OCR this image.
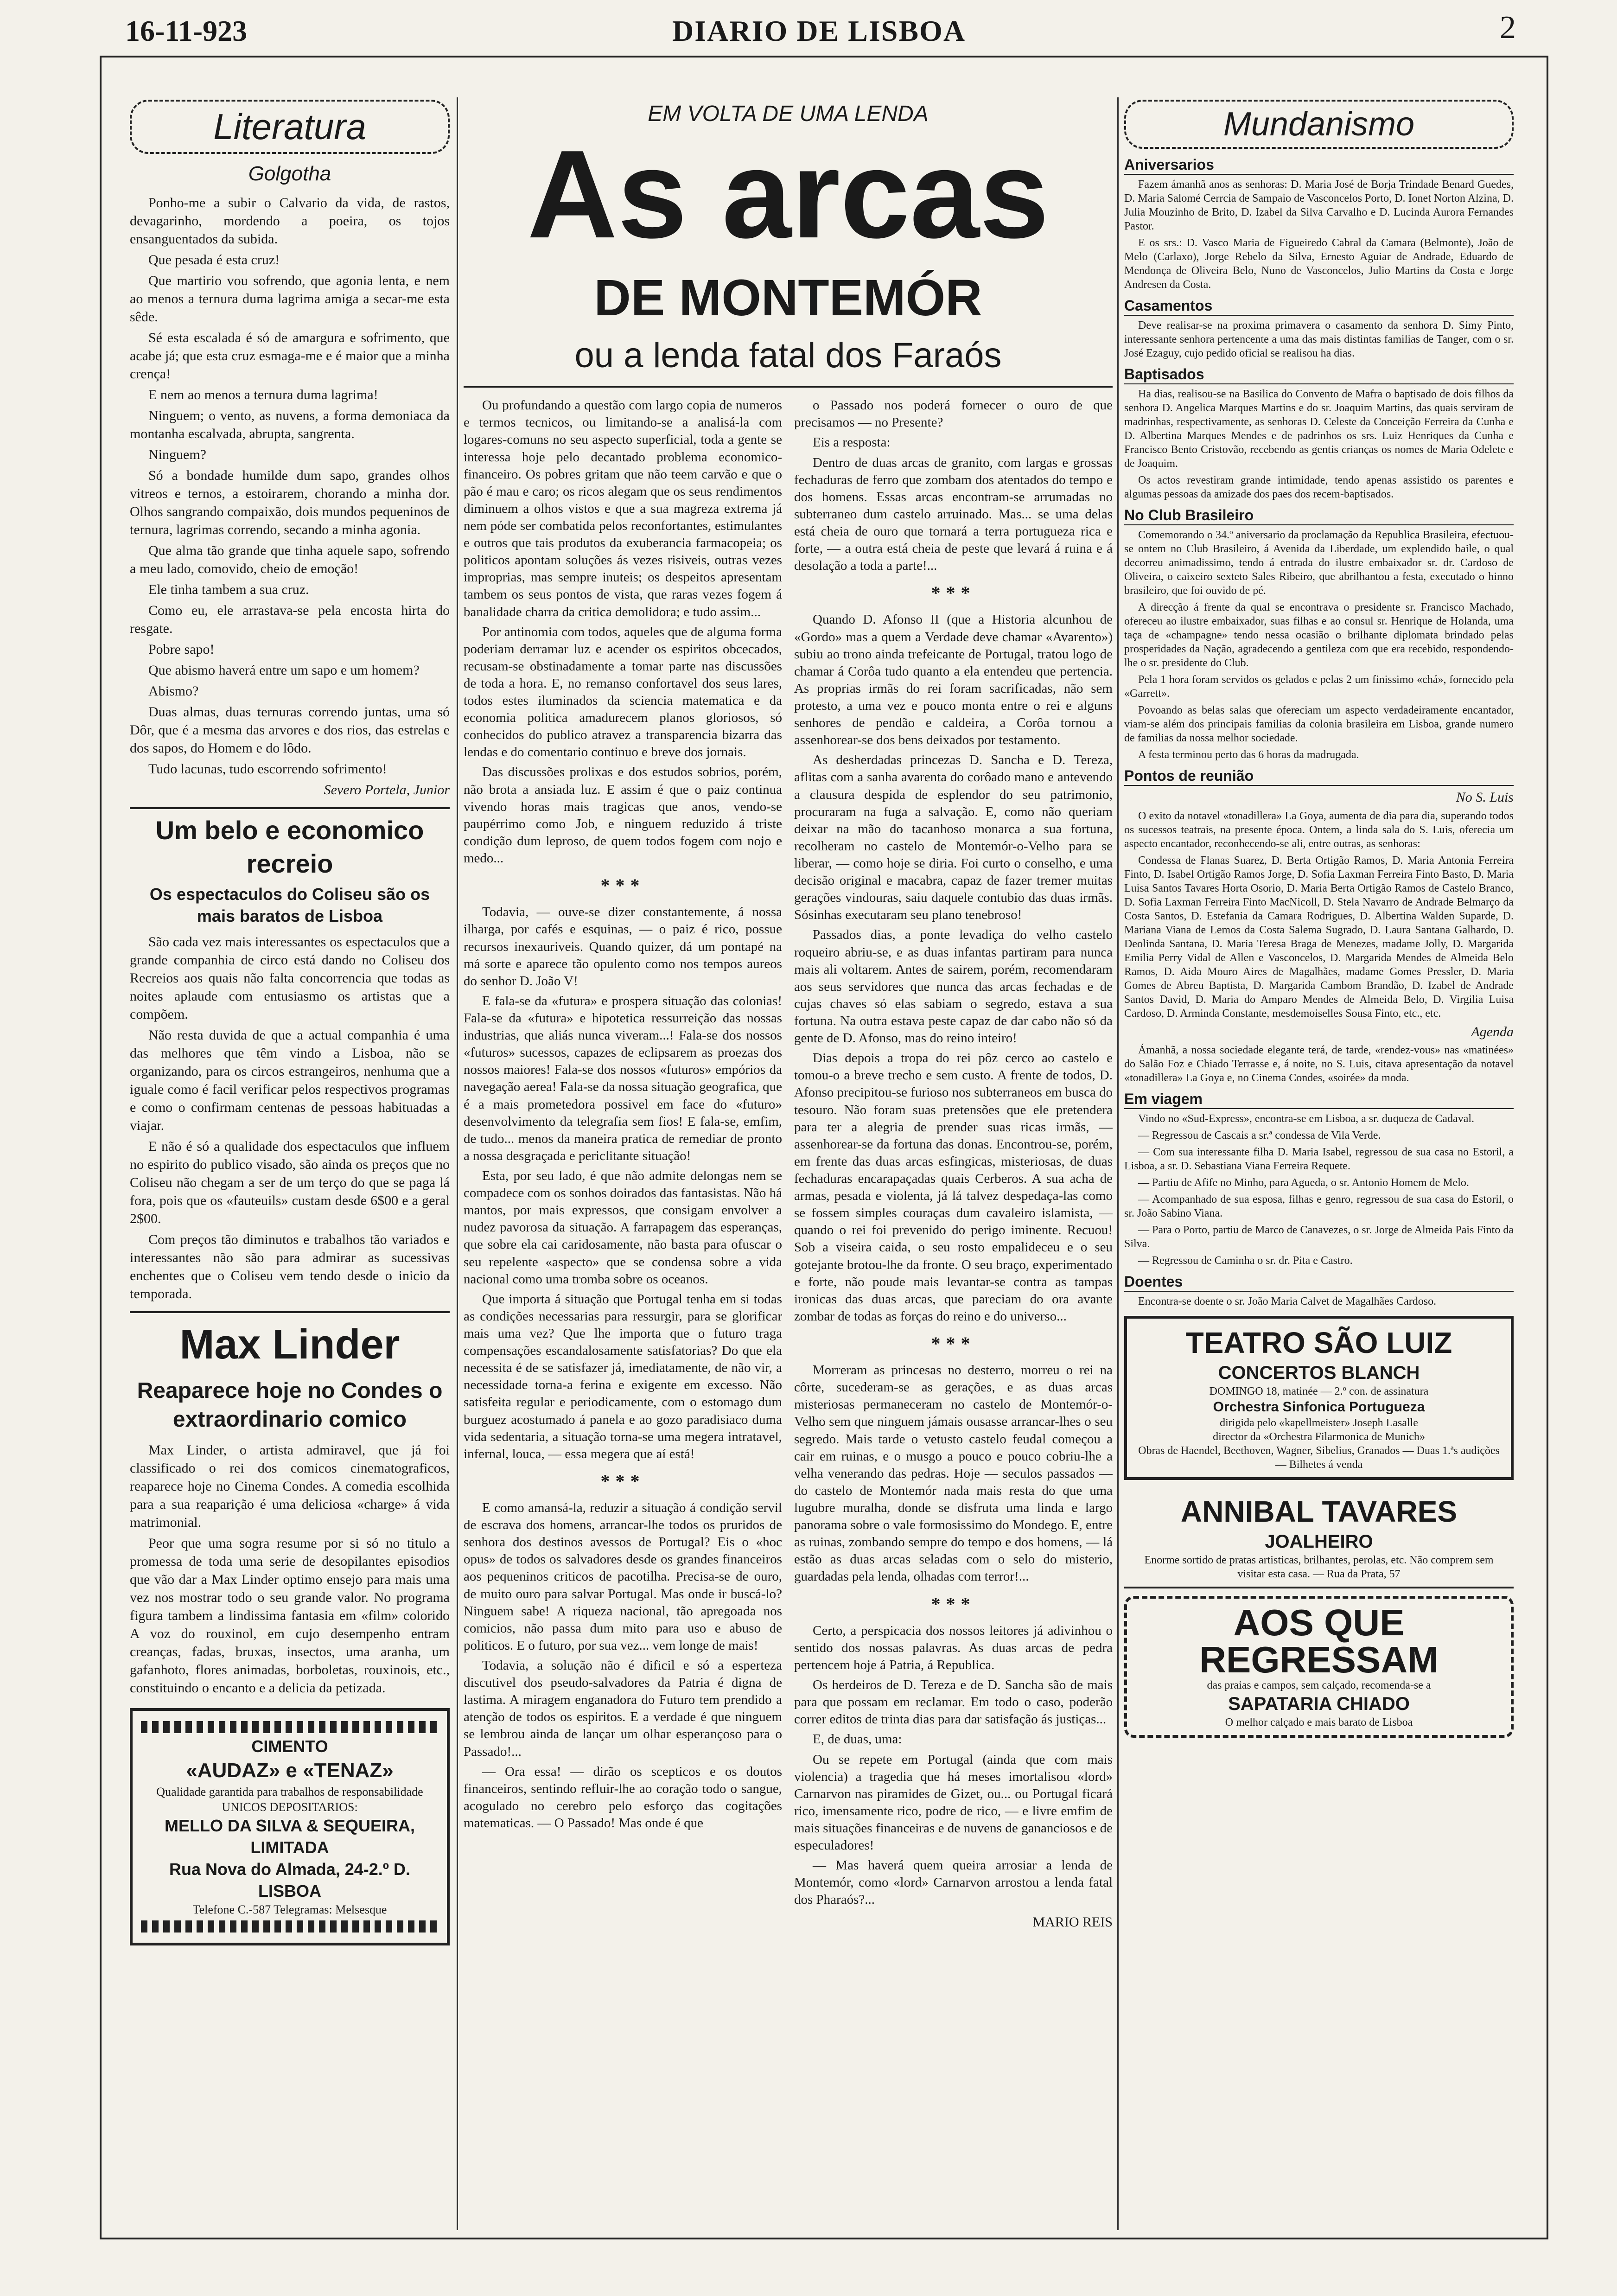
16-11-923	DIARIO DE LISBOA	2
Literatura
Golgotha

Ponho-me a subir o Calvario da vida, de rastos, devagarinho, mordendo a poeira, os tojos ensanguentados da subida.

Que pesada é esta cruz!

Que martirio vou sofrendo, que agonia lenta, e nem ao menos a ternura duma lagrima amiga a secar-me esta sêde.

Sé esta escalada é só de amargura e sofrimento, que acabe já; que esta cruz esmaga-me e é maior que a minha crença!

E nem ao menos a ternura duma lagrima!

Ninguem; o vento, as nuvens, a forma demoniaca da montanha escalvada, abrupta, sangrenta.

Ninguem?

Só a bondade humilde dum sapo, grandes olhos vitreos e ternos, a estoirarem, chorando a minha dor. Olhos sangrando compaixão, dois mundos pequeninos de ternura, lagrimas correndo, secando a minha agonia.

Que alma tão grande que tinha aquele sapo, sofrendo a meu lado, comovido, cheio de emoção!

Ele tinha tambem a sua cruz.

Como eu, ele arrastava-se pela encosta hirta do resgate.

Pobre sapo!

Que abismo haverá entre um sapo e um homem?

Abismo?

Duas almas, duas ternuras correndo juntas, uma só Dôr, que é a mesma das arvores e dos rios, das estrelas e dos sapos, do Homem e do lôdo.

Tudo lacunas, tudo escorrendo sofrimento!

Severo Portela, Junior
Um belo e economico recreio
Os espectaculos do Coliseu são os mais baratos de Lisboa

São cada vez mais interessantes os espectaculos que a grande companhia de circo está dando no Coliseu dos Recreios aos quais não falta concorrencia que todas as noites aplaude com entusiasmo os artistas que a compõem.

Não resta duvida de que a actual companhia é uma das melhores que têm vindo a Lisboa, não se organizando, para os circos estrangeiros, nenhuma que a iguale como é facil verificar pelos respectivos programas e como o confirmam centenas de pessoas habituadas a viajar.

E não é só a qualidade dos espectaculos que influem no espirito do publico visado, são ainda os preços que no Coliseu não chegam a ser de um terço do que se paga lá fora, pois que os «fauteuils» custam desde 6$00 e a geral 2$00.

Com preços tão diminutos e trabalhos tão variados e interessantes não são para admirar as sucessivas enchentes que o Coliseu vem tendo desde o inicio da temporada.

Max Linder
Reaparece hoje no Condes o extraordinario comico

Max Linder, o artista admiravel, que já foi classificado o rei dos comicos cinematograficos, reaparece hoje no Cinema Condes. A comedia escolhida para a sua reaparição é uma deliciosa «charge» á vida matrimonial.

Peor que uma sogra resume por si só no titulo a promessa de toda uma serie de desopilantes episodios que vão dar a Max Linder optimo ensejo para mais uma vez nos mostrar todo o seu grande valor. No programa figura tambem a lindissima fantasia em «film» colorido A voz do rouxinol, em cujo desempenho entram creanças, fadas, bruxas, insectos, uma aranha, um gafanhoto, flores animadas, borboletas, rouxinois, etc., constituindo o encanto e a delicia da petizada.

CIMENTO
«AUDAZ» e «TENAZ»
Qualidade garantida para trabalhos de responsabilidade
UNICOS DEPOSITARIOS:
MELLO DA SILVA & SEQUEIRA, LIMITADA
Rua Nova do Almada, 24-2.º D.
LISBOA
Telefone C.-587 Telegramas: Melsesque
EM VOLTA DE UMA LENDA
As arcas
DE MONTEMÓR
ou a lenda fatal dos Faraós

Ou profundando a questão com largo copia de numeros e termos tecnicos, ou limitando-se a analisá-la com logares-comuns no seu aspecto superficial, toda a gente se interessa hoje pelo decantado problema economico-financeiro. Os pobres gritam que não teem carvão e que o pão é mau e caro; os ricos alegam que os seus rendimentos diminuem a olhos vistos e que a sua magreza extrema já nem póde ser combatida pelos reconfortantes, estimulantes e outros que tais produtos da exuberancia farmacopeia; os politicos apontam soluções ás vezes risiveis, outras vezes improprias, mas sempre inuteis; os despeitos apresentam tambem os seus pontos de vista, que raras vezes fogem á banalidade charra da critica demolidora; e tudo assim...

Por antinomia com todos, aqueles que de alguma forma poderiam derramar luz e acender os espiritos obcecados, recusam-se obstinadamente a tomar parte nas discussões de toda a hora. E, no remanso confortavel dos seus lares, todos estes iluminados da sciencia matematica e da economia politica amadurecem planos gloriosos, só conhecidos do publico atravez a transparencia bizarra das lendas e do comentario continuo e breve dos jornais.

Das discussões prolixas e dos estudos sobrios, porém, não brota a ansiada luz. E assim é que o paiz continua vivendo horas mais tragicas que anos, vendo-se paupérrimo como Job, e ninguem reduzido á triste condição dum leproso, de quem todos fogem com nojo e medo...

***

Todavia, — ouve-se dizer constantemente, á nossa ilharga, por cafés e esquinas, — o paiz é rico, possue recursos inexauriveis. Quando quizer, dá um pontapé na má sorte e aparece tão opulento como nos tempos aureos do senhor D. João V!

E fala-se da «futura» e prospera situação das colonias! Fala-se da «futura» e hipotetica ressurreição das nossas industrias, que aliás nunca viveram...! Fala-se dos nossos «futuros» sucessos, capazes de eclipsarem as proezas dos nossos maiores! Fala-se dos nossos «futuros» empórios da navegação aerea! Fala-se da nossa situação geografica, que é a mais prometedora possivel em face do «futuro» desenvolvimento da telegrafia sem fios! E fala-se, emfim, de tudo... menos da maneira pratica de remediar de pronto a nossa desgraçada e periclitante situação!

Esta, por seu lado, é que não admite delongas nem se compadece com os sonhos doirados das fantasistas. Não há mantos, por mais expressos, que consigam envolver a nudez pavorosa da situação. A farrapagem das esperanças, que sobre ela cai caridosamente, não basta para ofuscar o seu repelente «aspecto» que se condensa sobre a vida nacional como uma tromba sobre os oceanos.

Que importa á situação que Portugal tenha em si todas as condições necessarias para ressurgir, para se glorificar mais uma vez? Que lhe importa que o futuro traga compensações escandalosamente satisfatorias? Do que ela necessita é de se satisfazer já, imediatamente, de não vir, a necessidade torna-a ferina e exigente em excesso. Não satisfeita regular e periodicamente, com o estomago dum burguez acostumado á panela e ao gozo paradisiaco duma vida sedentaria, a situação torna-se uma megera intratavel, infernal, louca, — essa megera que aí está!

***

E como amansá-la, reduzir a situação á condição servil de escrava dos homens, arrancar-lhe todos os pruridos de senhora dos destinos avessos de Portugal? Eis o «hoc opus» de todos os salvadores desde os grandes financeiros aos pequeninos criticos de pacotilha. Precisa-se de ouro, de muito ouro para salvar Portugal. Mas onde ir buscá-lo? Ninguem sabe! A riqueza nacional, tão apregoada nos comicios, não passa dum mito para uso e abuso de politicos. E o futuro, por sua vez... vem longe de mais!

Todavia, a solução não é dificil e só a esperteza discutivel dos pseudo-salvadores da Patria é digna de lastima. A miragem enganadora do Futuro tem prendido a atenção de todos os espiritos. E a verdade é que ninguem se lembrou ainda de lançar um olhar esperançoso para o Passado!...

— Ora essa! — dirão os scepticos e os doutos financeiros, sentindo refluir-lhe ao coração todo o sangue, acogulado no cerebro pelo esforço das cogitações matematicas. — O Passado! Mas onde é que

o Passado nos poderá fornecer o ouro de que precisamos — no Presente?

Eis a resposta:

Dentro de duas arcas de granito, com largas e grossas fechaduras de ferro que zombam dos atentados do tempo e dos homens. Essas arcas encontram-se arrumadas no subterraneo dum castelo arruinado. Mas... se uma delas está cheia de ouro que tornará a terra portugueza rica e forte, — a outra está cheia de peste que levará á ruina e á desolação a toda a parte!...

***

Quando D. Afonso II (que a Historia alcunhou de «Gordo» mas a quem a Verdade deve chamar «Avarento») subiu ao trono ainda trefeicante de Portugal, tratou logo de chamar á Corôa tudo quanto a ela entendeu que pertencia. As proprias irmãs do rei foram sacrificadas, não sem protesto, a uma vez e pouco monta entre o rei e alguns senhores de pendão e caldeira, a Corôa tornou a assenhorear-se dos bens deixados por testamento.

As desherdadas princezas D. Sancha e D. Tereza, aflitas com a sanha avarenta do corôado mano e antevendo a clausura despida de esplendor do seu patrimonio, procuraram na fuga a salvação. E, como não queriam deixar na mão do tacanhoso monarca a sua fortuna, recolheram no castelo de Montemór-o-Velho para se liberar, — como hoje se diria. Foi curto o conselho, e uma decisão original e macabra, capaz de fazer tremer muitas gerações vindouras, saiu daquele contubio das duas irmãs. Sósinhas executaram seu plano tenebroso!

Passados dias, a ponte levadiça do velho castelo roqueiro abriu-se, e as duas infantas partiram para nunca mais ali voltarem. Antes de sairem, porém, recomendaram aos seus servidores que nunca das arcas fechadas e de cujas chaves só elas sabiam o segredo, estava a sua fortuna. Na outra estava peste capaz de dar cabo não só da gente de D. Afonso, mas do reino inteiro!

Dias depois a tropa do rei pôz cerco ao castelo e tomou-o a breve trecho e sem custo. A frente de todos, D. Afonso precipitou-se furioso nos subterraneos em busca do tesouro. Não foram suas pretensões que ele pretendera para ter a alegria de prender suas ricas irmãs, — assenhorear-se da fortuna das donas. Encontrou-se, porém, em frente das duas arcas esfingicas, misteriosas, de duas fechaduras encarapaçadas quais Cerberos. A sua acha de armas, pesada e violenta, já lá talvez despedaça-las como se fossem simples couraças dum cavaleiro islamista, — quando o rei foi prevenido do perigo iminente. Recuou! Sob a viseira caida, o seu rosto empalideceu e o seu gotejante brotou-lhe da fronte. O seu braço, experimentado e forte, não poude mais levantar-se contra as tampas ironicas das duas arcas, que pareciam do ora avante zombar de todas as forças do reino e do universo...

***

Morreram as princesas no desterro, morreu o rei na côrte, sucederam-se as gerações, e as duas arcas misteriosas permaneceram no castelo de Montemór-o-Velho sem que ninguem jámais ousasse arrancar-lhes o seu segredo. Mais tarde o vetusto castelo feudal começou a cair em ruinas, e o musgo a pouco e pouco cobriu-lhe a velha venerando das pedras. Hoje — seculos passados — do castelo de Montemór nada mais resta do que uma lugubre muralha, donde se disfruta uma linda e largo panorama sobre o vale formosissimo do Mondego. E, entre as ruinas, zombando sempre do tempo e dos homens, — lá estão as duas arcas seladas com o selo do misterio, guardadas pela lenda, olhadas com terror!...

***

Certo, a perspicacia dos nossos leitores já adivinhou o sentido dos nossas palavras. As duas arcas de pedra pertencem hoje á Patria, á Republica.

Os herdeiros de D. Tereza e de D. Sancha são de mais para que possam em reclamar. Em todo o caso, poderão correr editos de trinta dias para dar satisfação ás justiças...

E, de duas, uma:

Ou se repete em Portugal (ainda que com mais violencia) a tragedia que há meses imortalisou «lord» Carnarvon nas piramides de Gizet, ou... ou Portugal ficará rico, imensamente rico, podre de rico, — e livre emfim de mais situações financeiras e de nuvens de gananciosos e de especuladores!

— Mas haverá quem queira arrosiar a lenda de Montemór, como «lord» Carnarvon arrostou a lenda fatal dos Pharaós?...

MARIO REIS
Mundanismo
Aniversarios

Fazem ámanhã anos as senhoras: D. Maria José de Borja Trindade Benard Guedes, D. Maria Salomé Cerrcia de Sampaio de Vasconcelos Porto, D. Ionet Norton Alzina, D. Julia Mouzinho de Brito, D. Izabel da Silva Carvalho e D. Lucinda Aurora Fernandes Pastor.

E os srs.: D. Vasco Maria de Figueiredo Cabral da Camara (Belmonte), João de Melo (Carlaxo), Jorge Rebelo da Silva, Ernesto Aguiar de Andrade, Eduardo de Mendonça de Oliveira Belo, Nuno de Vasconcelos, Julio Martins da Costa e Jorge Andresen da Costa.

Casamentos

Deve realisar-se na proxima primavera o casamento da senhora D. Simy Pinto, interessante senhora pertencente a uma das mais distintas familias de Tanger, com o sr. José Ezaguy, cujo pedido oficial se realisou ha dias.

Baptisados

Ha dias, realisou-se na Basilica do Convento de Mafra o baptisado de dois filhos da senhora D. Angelica Marques Martins e do sr. Joaquim Martins, das quais serviram de madrinhas, respectivamente, as senhoras D. Celeste da Conceição Ferreira da Cunha e D. Albertina Marques Mendes e de padrinhos os srs. Luiz Henriques da Cunha e Francisco Bento Cristovão, recebendo as gentis crianças os nomes de Maria Odelete e de Joaquim.

Os actos revestiram grande intimidade, tendo apenas assistido os parentes e algumas pessoas da amizade dos paes dos recem-baptisados.

No Club Brasileiro

Comemorando o 34.º aniversario da proclamação da Republica Brasileira, efectuou-se ontem no Club Brasileiro, á Avenida da Liberdade, um explendido baile, o qual decorreu animadissimo, tendo á entrada do ilustre embaixador sr. dr. Cardoso de Oliveira, o caixeiro sexteto Sales Ribeiro, que abrilhantou a festa, executado o hinno brasileiro, que foi ouvido de pé.

A direcção á frente da qual se encontrava o presidente sr. Francisco Machado, ofereceu ao ilustre embaixador, suas filhas e ao consul sr. Henrique de Holanda, uma taça de «champagne» tendo nessa ocasião o brilhante diplomata brindado pelas prosperidades da Nação, agradecendo a gentileza com que era recebido, respondendo-lhe o sr. presidente do Club.

Pela 1 hora foram servidos os gelados e pelas 2 um finissimo «chá», fornecido pela «Garrett».

Povoando as belas salas que ofereciam um aspecto verdadeiramente encantador, viam-se além dos principais familias da colonia brasileira em Lisboa, grande numero de familias da nossa melhor sociedade.

A festa terminou perto das 6 horas da madrugada.

Pontos de reunião
No S. Luis

O exito da notavel «tonadillera» La Goya, aumenta de dia para dia, superando todos os sucessos teatrais, na presente época. Ontem, a linda sala do S. Luis, oferecia um aspecto encantador, reconhecendo-se ali, entre outras, as senhoras:

Condessa de Flanas Suarez, D. Berta Ortigão Ramos, D. Maria Antonia Ferreira Finto, D. Isabel Ortigão Ramos Jorge, D. Sofia Laxman Ferreira Finto Basto, D. Maria Luisa Santos Tavares Horta Osorio, D. Maria Berta Ortigão Ramos de Castelo Branco, D. Sofia Laxman Ferreira Finto MacNicoll, D. Stela Navarro de Andrade Belmarço da Costa Santos, D. Estefania da Camara Rodrigues, D. Albertina Walden Suparde, D. Mariana Viana de Lemos da Costa Salema Sugrado, D. Laura Santana Galhardo, D. Deolinda Santana, D. Maria Teresa Braga de Menezes, madame Jolly, D. Margarida Emilia Perry Vidal de Allen e Vasconcelos, D. Margarida Mendes de Almeida Belo Ramos, D. Aida Mouro Aires de Magalhães, madame Gomes Pressler, D. Maria Gomes de Abreu Baptista, D. Margarida Cambom Brandão, D. Izabel de Andrade Santos David, D. Maria do Amparo Mendes de Almeida Belo, D. Virgilia Luisa Cardoso, D. Arminda Constante, mesdemoiselles Sousa Finto, etc., etc.

Agenda

Ámanhã, a nossa sociedade elegante terá, de tarde, «rendez-vous» nas «matinées» do Salão Foz e Chiado Terrasse e, á noite, no S. Luis, citava apresentação da notavel «tonadillera» La Goya e, no Cinema Condes, «soirée» da moda.

Em viagem

Vindo no «Sud-Express», encontra-se em Lisboa, a sr. duqueza de Cadaval.

— Regressou de Cascais a sr.ª condessa de Vila Verde.

— Com sua interessante filha D. Maria Isabel, regressou de sua casa no Estoril, a Lisboa, a sr. D. Sebastiana Viana Ferreira Requete.

— Partiu de Afife no Minho, para Agueda, o sr. Antonio Homem de Melo.

— Acompanhado de sua esposa, filhas e genro, regressou de sua casa do Estoril, o sr. João Sabino Viana.

— Para o Porto, partiu de Marco de Canavezes, o sr. Jorge de Almeida Pais Finto da Silva.

— Regressou de Caminha o sr. dr. Pita e Castro.

Doentes

Encontra-se doente o sr. João Maria Calvet de Magalhães Cardoso.

TEATRO SÃO LUIZ
CONCERTOS BLANCH
DOMINGO 18, matinée — 2.º con. de assinatura
Orchestra Sinfonica Portugueza
dirigida pelo «kapellmeister» Joseph Lasalle
director da «Orchestra Filarmonica de Munich»
Obras de Haendel, Beethoven, Wagner, Sibelius, Granados — Duas 1.ªs audições — Bilhetes á venda
ANNIBAL TAVARES
JOALHEIRO
Enorme sortido de pratas artisticas, brilhantes, perolas, etc. Não comprem sem visitar esta casa. — Rua da Prata, 57
AOS QUE REGRESSAM
das praias e campos, sem calçado, recomenda-se a
SAPATARIA CHIADO
O melhor calçado e mais barato de Lisboa
